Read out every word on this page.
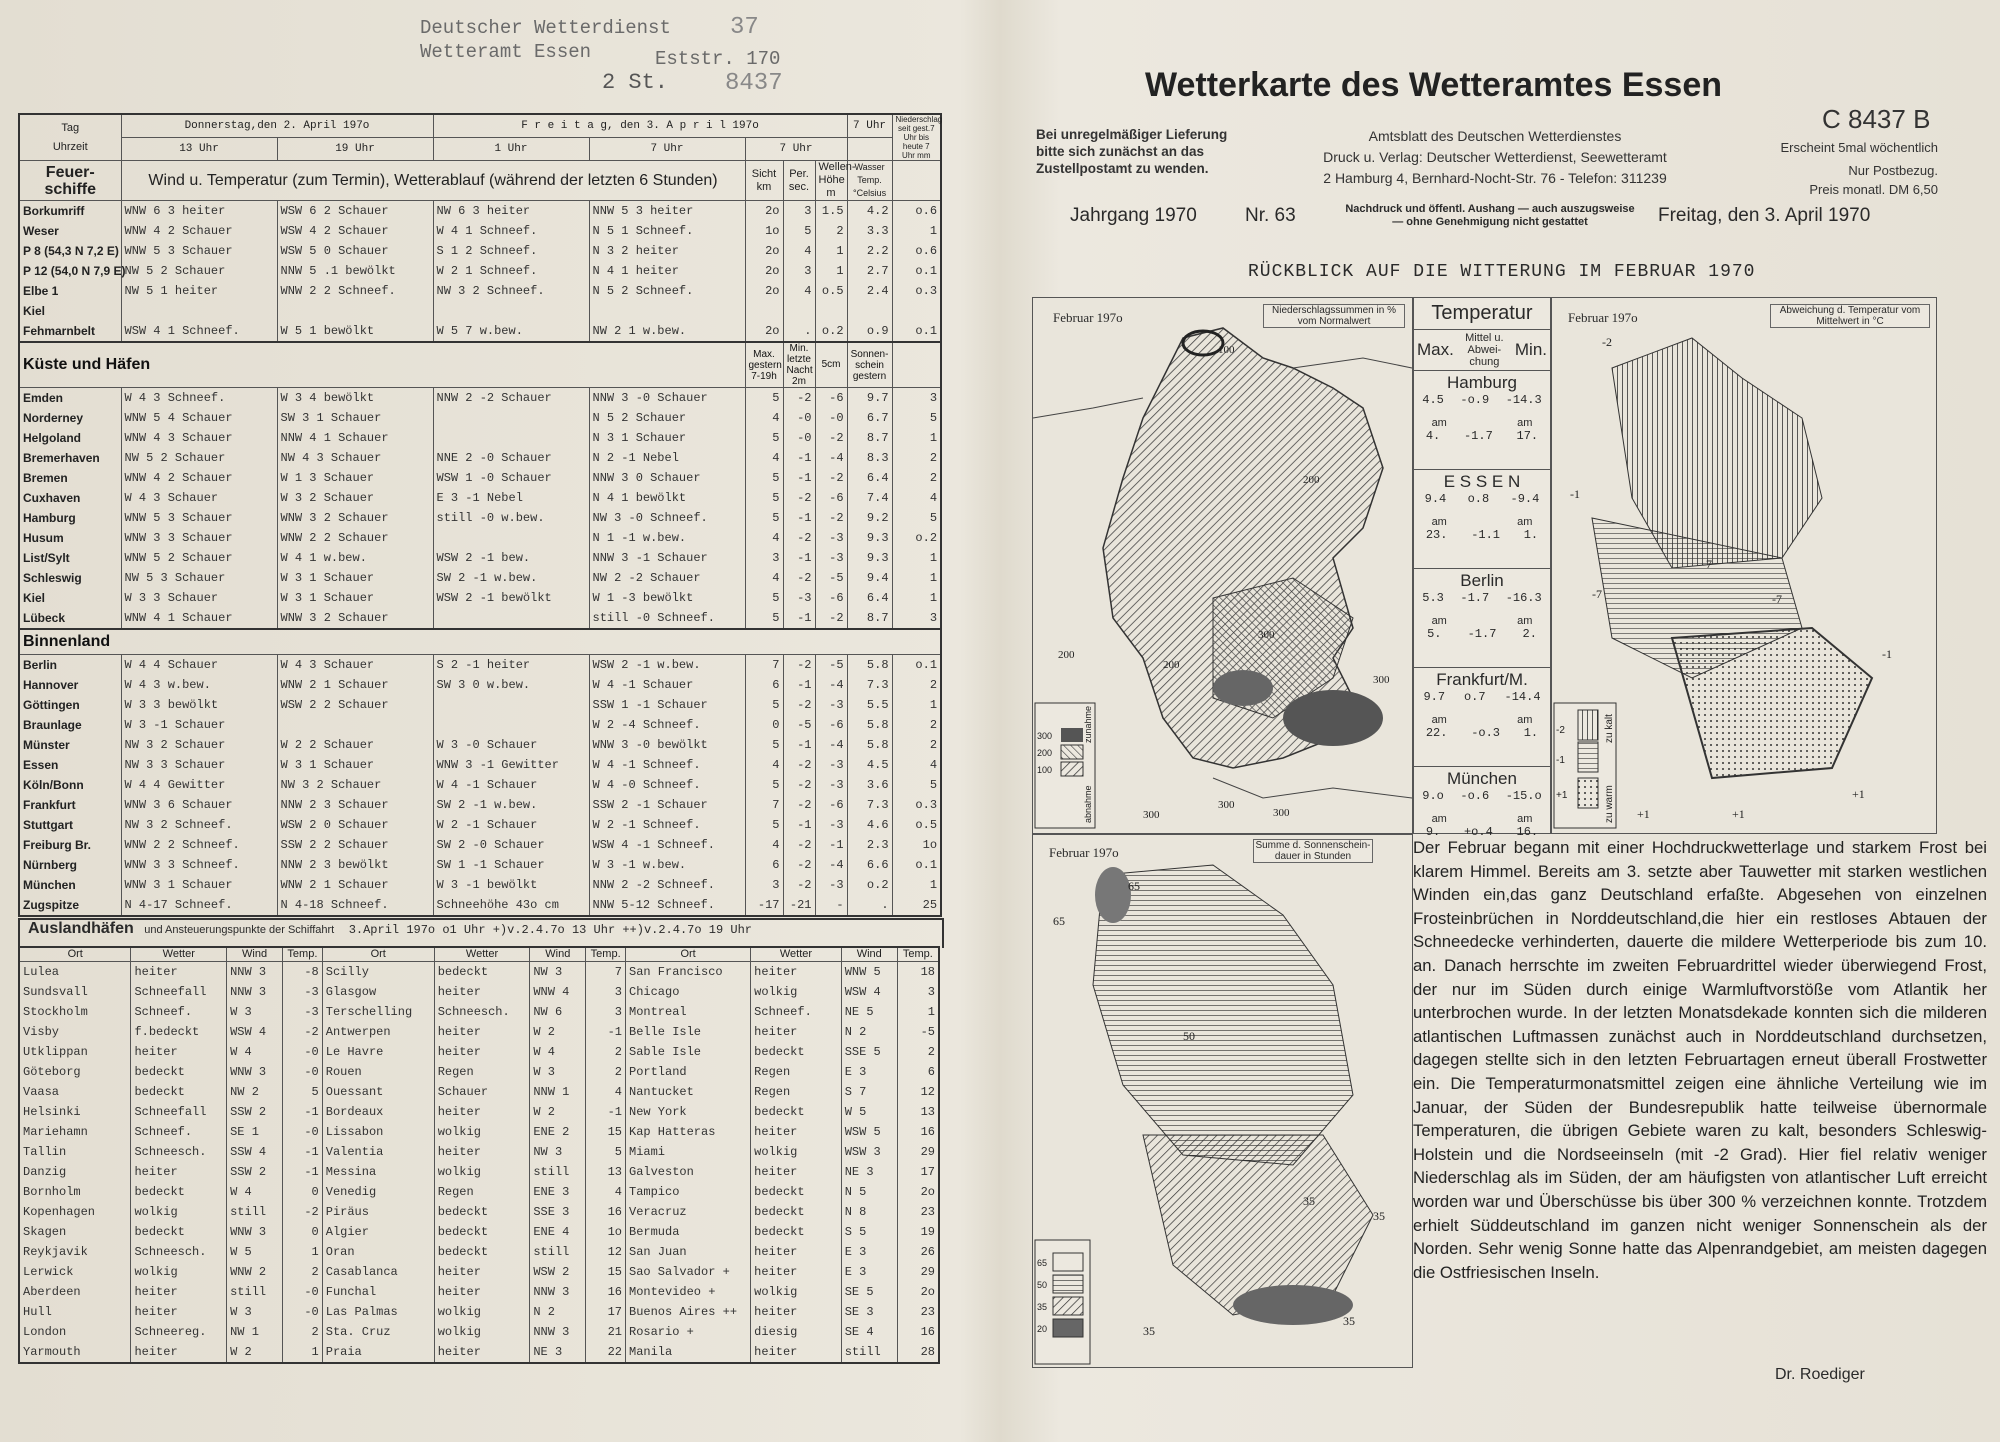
Deutscher Wetterdienst
Wetteramt Essen	Eststr. 170
2 St.
37
8437
Tag
Uhrzeit	Donnerstag,den 2. April 197o		F r e i t a g, den 3. A p r i l 197o					7 Uhr	Niederschlag seit gest.7 Uhr bis heute 7 Uhr mm
	13 Uhr	19 Uhr	1 Uhr	7 Uhr	7 Uhr				
Feuer-schiffe	Wind u. Temperatur (zum Termin), Wetterablauf (während der letzten 6 Stunden)				Sicht km	Per. sec.	Wellen-Höhe m	Wasser Temp. °Celsius	
Borkumriff	WNW 6 3 heiter	WSW 6 2 Schauer	NW 6 3 heiter	NNW 5 3 heiter	2o	3	1.5	4.2	o.6
Weser	WNW 4 2 Schauer	WSW 4 2 Schauer	W 4 1 Schneef.	N 5 1 Schneef.	1o	5	2	3.3	1
P 8 (54,3 N 7,2 E)	WNW 5 3 Schauer	WSW 5 0 Schauer	S 1 2 Schneef.	N 3 2 heiter	2o	4	1	2.2	o.6
P 12 (54,0 N 7,9 E)	NW 5 2 Schauer	NNW 5 .1 bewölkt	W 2 1 Schneef.	N 4 1 heiter	2o	3	1	2.7	o.1
Elbe 1	NW 5 1 heiter	WNW 2 2 Schneef.	NW 3 2 Schneef.	N 5 2 Schneef.	2o	4	o.5	2.4	o.3
Kiel									
Fehmarnbelt	WSW 4 1 Schneef.	W 5 1 bewölkt	W 5 7 w.bew.	NW 2 1 w.bew.	2o	.	o.2	o.9	o.1
Küste und Häfen					Max. gestern 7-19h	Min. letzte Nacht 2m	5cm	Sonnen-schein gestern	
Emden	W 4 3 Schneef.	W 3 4 bewölkt	NNW 2 -2 Schauer	NNW 3 -0 Schauer	5	-2	-6	9.7	3
Norderney	WNW 5 4 Schauer	SW 3 1 Schauer		N 5 2 Schauer	4	-0	-0	6.7	5
Helgoland	WNW 4 3 Schauer	NNW 4 1 Schauer		N 3 1 Schauer	5	-0	-2	8.7	1
Bremerhaven	NW 5 2 Schauer	NW 4 3 Schauer	NNE 2 -0 Schauer	N 2 -1 Nebel	4	-1	-4	8.3	2
Bremen	WNW 4 2 Schauer	W 1 3 Schauer	WSW 1 -0 Schauer	NNW 3 0 Schauer	5	-1	-2	6.4	2
Cuxhaven	W 4 3 Schauer	W 3 2 Schauer	E 3 -1 Nebel	N 4 1 bewölkt	5	-2	-6	7.4	4
Hamburg	WNW 5 3 Schauer	WNW 3 2 Schauer	still -0 w.bew.	NW 3 -0 Schneef.	5	-1	-2	9.2	5
Husum	WNW 3 3 Schauer	WNW 2 2 Schauer		N 1 -1 w.bew.	4	-2	-3	9.3	o.2
List/Sylt	WNW 5 2 Schauer	W 4 1 w.bew.	WSW 2 -1 bew.	NNW 3 -1 Schauer	3	-1	-3	9.3	1
Schleswig	NW 5 3 Schauer	W 3 1 Schauer	SW 2 -1 w.bew.	NW 2 -2 Schauer	4	-2	-5	9.4	1
Kiel	W 3 3 Schauer	W 3 1 Schauer	WSW 2 -1 bewölkt	W 1 -3 bewölkt	5	-3	-6	6.4	1
Lübeck	WNW 4 1 Schauer	WNW 3 2 Schauer		still -0 Schneef.	5	-1	-2	8.7	3
Binnenland									
Berlin	W 4 4 Schauer	W 4 3 Schauer	S 2 -1 heiter	WSW 2 -1 w.bew.	7	-2	-5	5.8	o.1
Hannover	W 4 3 w.bew.	WNW 2 1 Schauer	SW 3 0 w.bew.	W 4 -1 Schauer	6	-1	-4	7.3	2
Göttingen	W 3 3 bewölkt	WSW 2 2 Schauer		SSW 1 -1 Schauer	5	-2	-3	5.5	1
Braunlage	W 3 -1 Schauer			W 2 -4 Schneef.	0	-5	-6	5.8	2
Münster	NW 3 2 Schauer	W 2 2 Schauer	W 3 -0 Schauer	WNW 3 -0 bewölkt	5	-1	-4	5.8	2
Essen	NW 3 3 Schauer	W 3 1 Schauer	WNW 3 -1 Gewitter	W 4 -1 Schneef.	4	-2	-3	4.5	4
Köln/Bonn	W 4 4 Gewitter	NW 3 2 Schauer	W 4 -1 Schauer	W 4 -0 Schneef.	5	-2	-3	3.6	5
Frankfurt	WNW 3 6 Schauer	NNW 2 3 Schauer	SW 2 -1 w.bew.	SSW 2 -1 Schauer	7	-2	-6	7.3	o.3
Stuttgart	NW 3 2 Schneef.	WSW 2 0 Schauer	W 2 -1 Schauer	W 2 -1 Schneef.	5	-1	-3	4.6	o.5
Freiburg Br.	WNW 2 2 Schneef.	SSW 2 2 Schauer	SW 2 -0 Schauer	WSW 4 -1 Schneef.	4	-2	-1	2.3	1o
Nürnberg	WNW 3 3 Schneef.	NNW 2 3 bewölkt	SW 1 -1 Schauer	W 3 -1 w.bew.	6	-2	-4	6.6	o.1
München	WNW 3 1 Schauer	WNW 2 1 Schauer	W 3 -1 bewölkt	NNW 2 -2 Schneef.	3	-2	-3	o.2	1
Zugspitze	N 4-17 Schneef.	N 4-18 Schneef.	Schneehöhe 43o cm	NNW 5-12 Schneef.	-17	-21	-	.	25
Auslandhäfen und Ansteuerungspunkte der Schiffahrt 3.April 197o o1 Uhr +)v.2.4.7o 13 Uhr ++)v.2.4.7o 19 Uhr
Ort	Wetter	Wind	Temp.	Ort	Wetter	Wind	Temp.	Ort	Wetter	Wind	Temp.
Lulea	heiter	NNW 3	-8	Scilly	bedeckt	NW 3	7	San Francisco	heiter	WNW 5	18
Sundsvall	Schneefall	NNW 3	-3	Glasgow	heiter	WNW 4	3	Chicago	wolkig	WSW 4	3
Stockholm	Schneef.	W 3	-3	Terschelling	Schneesch.	NW 6	3	Montreal	Schneef.	NE 5	1
Visby	f.bedeckt	WSW 4	-2	Antwerpen	heiter	W 2	-1	Belle Isle	heiter	N 2	-5
Utklippan	heiter	W 4	-0	Le Havre	heiter	W 4	2	Sable Isle	bedeckt	SSE 5	2
Göteborg	bedeckt	WNW 3	-0	Rouen	Regen	W 3	2	Portland	Regen	E 3	6
Vaasa	bedeckt	NW 2	5	Ouessant	Schauer	NNW 1	4	Nantucket	Regen	S 7	12
Helsinki	Schneefall	SSW 2	-1	Bordeaux	heiter	W 2	-1	New York	bedeckt	W 5	13
Mariehamn	Schneef.	SE 1	-0	Lissabon	wolkig	ENE 2	15	Kap Hatteras	heiter	WSW 5	16
Tallin	Schneesch.	SSW 4	-1	Valentia	heiter	NW 3	5	Miami	wolkig	WSW 3	29
Danzig	heiter	SSW 2	-1	Messina	wolkig	still	13	Galveston	heiter	NE 3	17
Bornholm	bedeckt	W 4	0	Venedig	Regen	ENE 3	4	Tampico	bedeckt	N 5	2o
Kopenhagen	wolkig	still	-2	Piräus	bedeckt	SSE 3	16	Veracruz	bedeckt	N 8	23
Skagen	bedeckt	WNW 3	0	Algier	bedeckt	ENE 4	1o	Bermuda	bedeckt	S 5	19
Reykjavik	Schneesch.	W 5	1	Oran	bedeckt	still	12	San Juan	heiter	E 3	26
Lerwick	wolkig	WNW 2	2	Casablanca	heiter	WSW 2	15	Sao Salvador +	heiter	E 3	29
Aberdeen	heiter	still	-0	Funchal	heiter	NNW 3	16	Montevideo +	wolkig	SE 5	2o
Hull	heiter	W 3	-0	Las Palmas	wolkig	N 2	17	Buenos Aires ++	heiter	SE 3	23
London	Schneereg.	NW 1	2	Sta. Cruz	wolkig	NNW 3	21	Rosario +	diesig	SE 4	16
Yarmouth	heiter	W 2	1	Praia	heiter	NE 3	22	Manila	heiter	still	28
Wetterkarte des Wetteramtes Essen
Bei unregelmäßiger Lieferung bitte sich zunächst an das Zustellpostamt zu wenden.
Amtsblatt des Deutschen Wetterdienstes
Druck u. Verlag: Deutscher Wetterdienst, Seewetteramt
2 Hamburg 4, Bernhard-Nocht-Str. 76 - Telefon: 311239
C 8437 B
Erscheint 5mal wöchentlich
Nur Postbezug.
Preis monatl. DM 6,50
Jahrgang 1970	Nr. 63	Nachdruck und öffentl. Aushang — auch auszugsweise — ohne Genehmigung nicht gestattet	Freitag, den 3. April 1970
RÜCKBLICK AUF DIE WITTERUNG IM FEBRUAR 1970
100
200
200
200
300
300
300
300
300
300
200
100
zunahme
abnahme
Februar 197o	Niederschlagssummen in % vom Normalwert	Temperatur
Max.
Mittel u. Abwei-chung
Min.
Hamburg
4.5 -o.9 -14.3
am	am
4. -1.7 17.
E S S E N
9.4 o.8 -9.4
am	am
23. -1.1 1.
Berlin
5.3 -1.7 -16.3
am	am
5. -1.7 2.
Frankfurt/M.
9.7 o.7 -14.4
am	am
22. -o.3 1.
München
9.o -o.6 -15.o
am	am
9. +o.4 16.
-2
-1
-7
-7
-7
-1
+1	+1
+1
-2
-1
+1
zu kalt
zu warm
Februar 197o	Abweichung d. Temperatur vom Mittelwert in °C
65
65
50
35
35
35
35
65
50
35
20
Februar 197o	Summe d. Sonnenschein-dauer in Stunden	Der Februar begann mit einer Hochdruckwetterlage und starkem Frost bei klarem Himmel. Bereits am 3. setzte aber Tauwetter mit starken westlichen Winden ein,das ganz Deutschland erfaßte. Abgesehen von einzelnen Frosteinbrüchen in Norddeutschland,die hier ein restloses Abtauen der Schneedecke verhinderten, dauerte die mildere Wetterperiode bis zum 10. an. Danach herrschte im zweiten Februardrittel wieder überwiegend Frost, der nur im Süden durch einige Warmluftvorstöße vom Atlantik her unterbrochen wurde. In der letzten Monatsdekade konnten sich die milderen atlantischen Luftmassen zunächst auch in Norddeutschland durchsetzen, dagegen stellte sich in den letzten Februartagen erneut überall Frostwetter ein. Die Temperaturmonatsmittel zeigen eine ähnliche Verteilung wie im Januar, der Süden der Bundesrepublik hatte teilweise übernormale Temperaturen, die übrigen Gebiete waren zu kalt, besonders Schleswig-Holstein und die Nordseeinseln (mit -2 Grad). Hier fiel relativ weniger Niederschlag als im Süden, der am häufigsten von atlantischer Luft erreicht worden war und Überschüsse bis über 300 % verzeichnen konnte. Trotzdem erhielt Süddeutschland im ganzen nicht weniger Sonnenschein als der Norden. Sehr wenig Sonne hatte das Alpenrandgebiet, am meisten dagegen die Ostfriesischen Inseln.
Dr. Roediger
